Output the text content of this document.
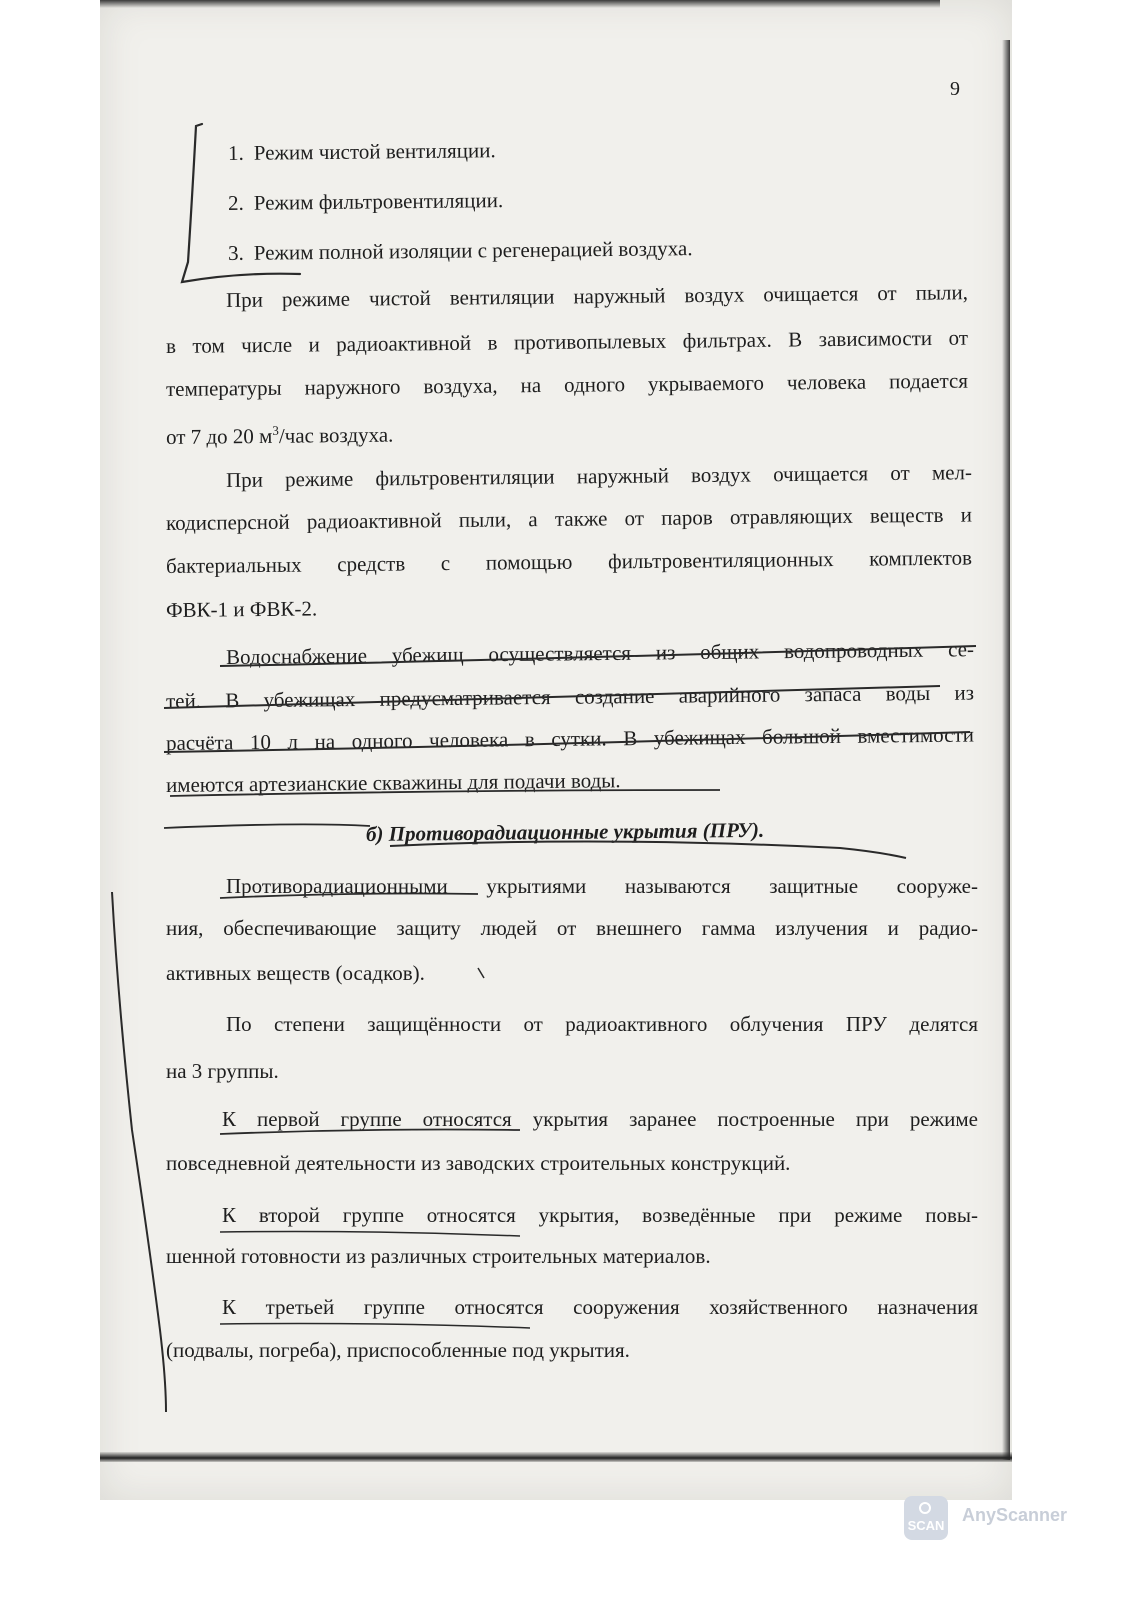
9
1. Режим чистой вентиляции.
2. Режим фильтровентиляции.
3. Режим полной изоляции с регенерацией воздуха.
При режиме чистой вентиляции наружный воздух очищается от пыли,
в том числе и радиоактивной в противопылевых фильтрах. В зависимости от
температуры наружного воздуха, на одного укрываемого человека подается
от 7 до 20 $м^3$/час воздуха.
При рeжиме фильтровентиляции наружный воздух очищается от мел-
кодисперсной радиоактивной пыли, а также от паров отравляющих веществ и
бактериальных средств с помощью фильтровентиляционных комплектов
ФВК-1 и ФВК-2.
Водоснабжение убежищ осуществляется из общих водопроводных се-
тей. В убежищах предусматривается создание аварийного запаса воды из
расчёта 10 л на одного человека в сутки. В убежищах большой вместимости
имеются артезианские скважины для подачи воды.
б) Противорадиационные укрытия (ПРУ).
Противорадиационными укрытиями называются защитные сооруже-
ния, обеспечивающие защиту людей от внешнего гамма излучения и радио-
активных веществ (осадков).
По степени защищённости от радиоактивного облучения ПРУ делятся
на 3 группы.
К первой группе относятся укрытия заранее построенные при режиме
повседневной деятельности из заводских строительных конструкций.
К второй группе относятся укрытия, возведённые при режиме повы-
шенной готовности из различных строительных материалов.
К третьей группе относятся сооружения хозяйственного назначения
(подвалы, погреба), приспособленные под укрытия.
SCAN
AnyScanner
